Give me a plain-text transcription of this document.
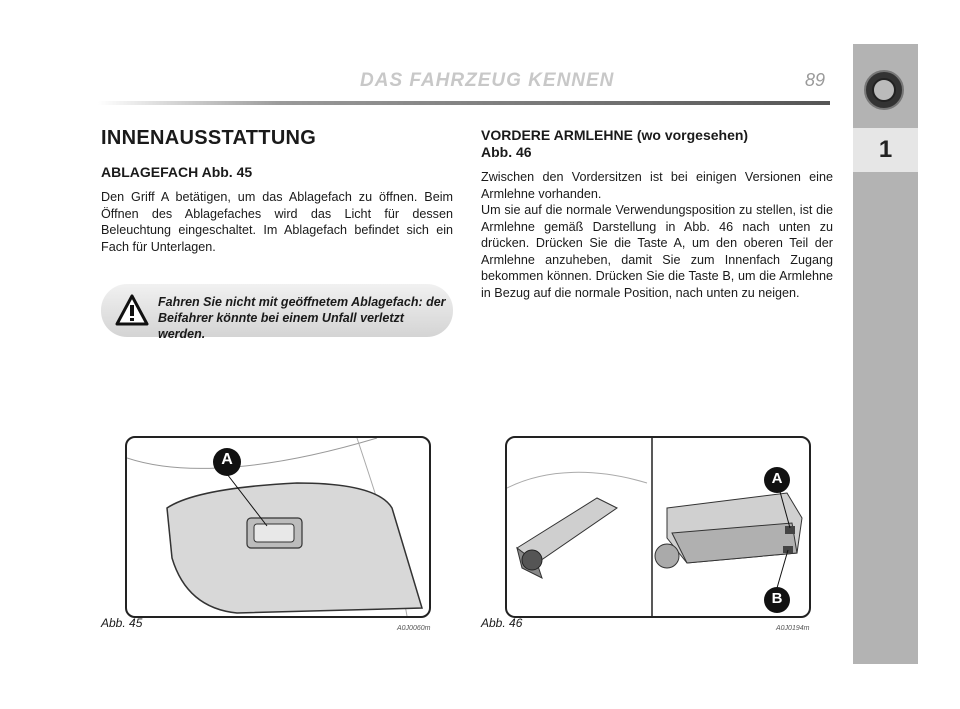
DAS FAHRZEUG KENNEN	89
1
INNENAUSSTATTUNG
ABLAGEFACH Abb. 45

Den Griff A betätigen, um das Ablagefach zu öffnen. Beim Öffnen des Ablagefaches wird das Licht für dessen Beleuchtung eingeschaltet. Im Ablagefach befindet sich ein Fach für Unterlagen.

Fahren Sie nicht mit geöffnetem Ablagefach: der Beifahrer könnte bei einem Unfall verletzt werden.
VORDERE ARMLEHNE (wo vorgesehen)
Abb. 46

Zwischen den Vordersitzen ist bei einigen Versionen eine Armlehne vorhanden.

Um sie auf die normale Verwendungsposition zu stellen, ist die Armlehne gemäß Darstellung in Abb. 46 nach unten zu drücken. Drücken Sie die Taste A, um den oberen Teil der Armlehne anzuheben, damit Sie zum Innenfach Zugang bekommen können. Drücken Sie die Taste B, um die Armlehne in Bezug auf die normale Position, nach unten zu neigen.

A
Abb. 45	A0J0060m
A
B
Abb. 46	A0J0194m
